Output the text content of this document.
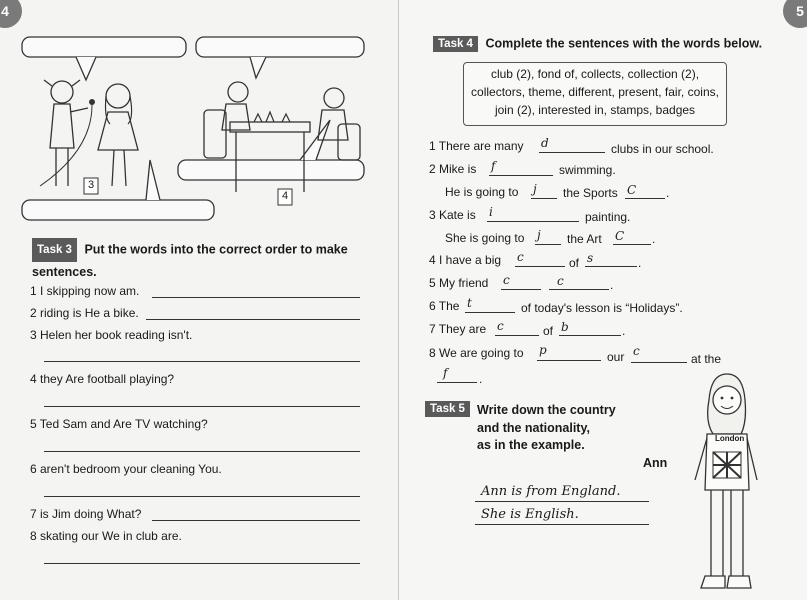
4
3
4
Task 3 Put the words into the correct order to make sentences.
1 I skipping now am.
2 riding is He a bike.
3 Helen her book reading isn't.
4 they Are football playing?
5 Ted Sam and Are TV watching?
6 aren't bedroom your cleaning You.
7 is Jim doing What?
8 skating our We in club are.
5
Task 4 Complete the sentences with the words below.
club (2), fond of, collects, collection (2), collectors, theme, different, present, fair, coins, join (2), interested in, stamps, badges
1 There are many d	clubs in our school.
2 Mike is f	swimming.
He is going to j the Sports C .
3 Kate is i	painting.
She is going to j the Art C .
4 I have a big c	of s	.
5 My friend c	c	.
6 The t	of today's lesson is “Holidays”.
7 They are c	of b	.
8 We are going to p	our c
at the
f	.
Task 5 Write down the country
and the nationality,
as in the example.
Ann
Ann is from England.
She is English.
London
